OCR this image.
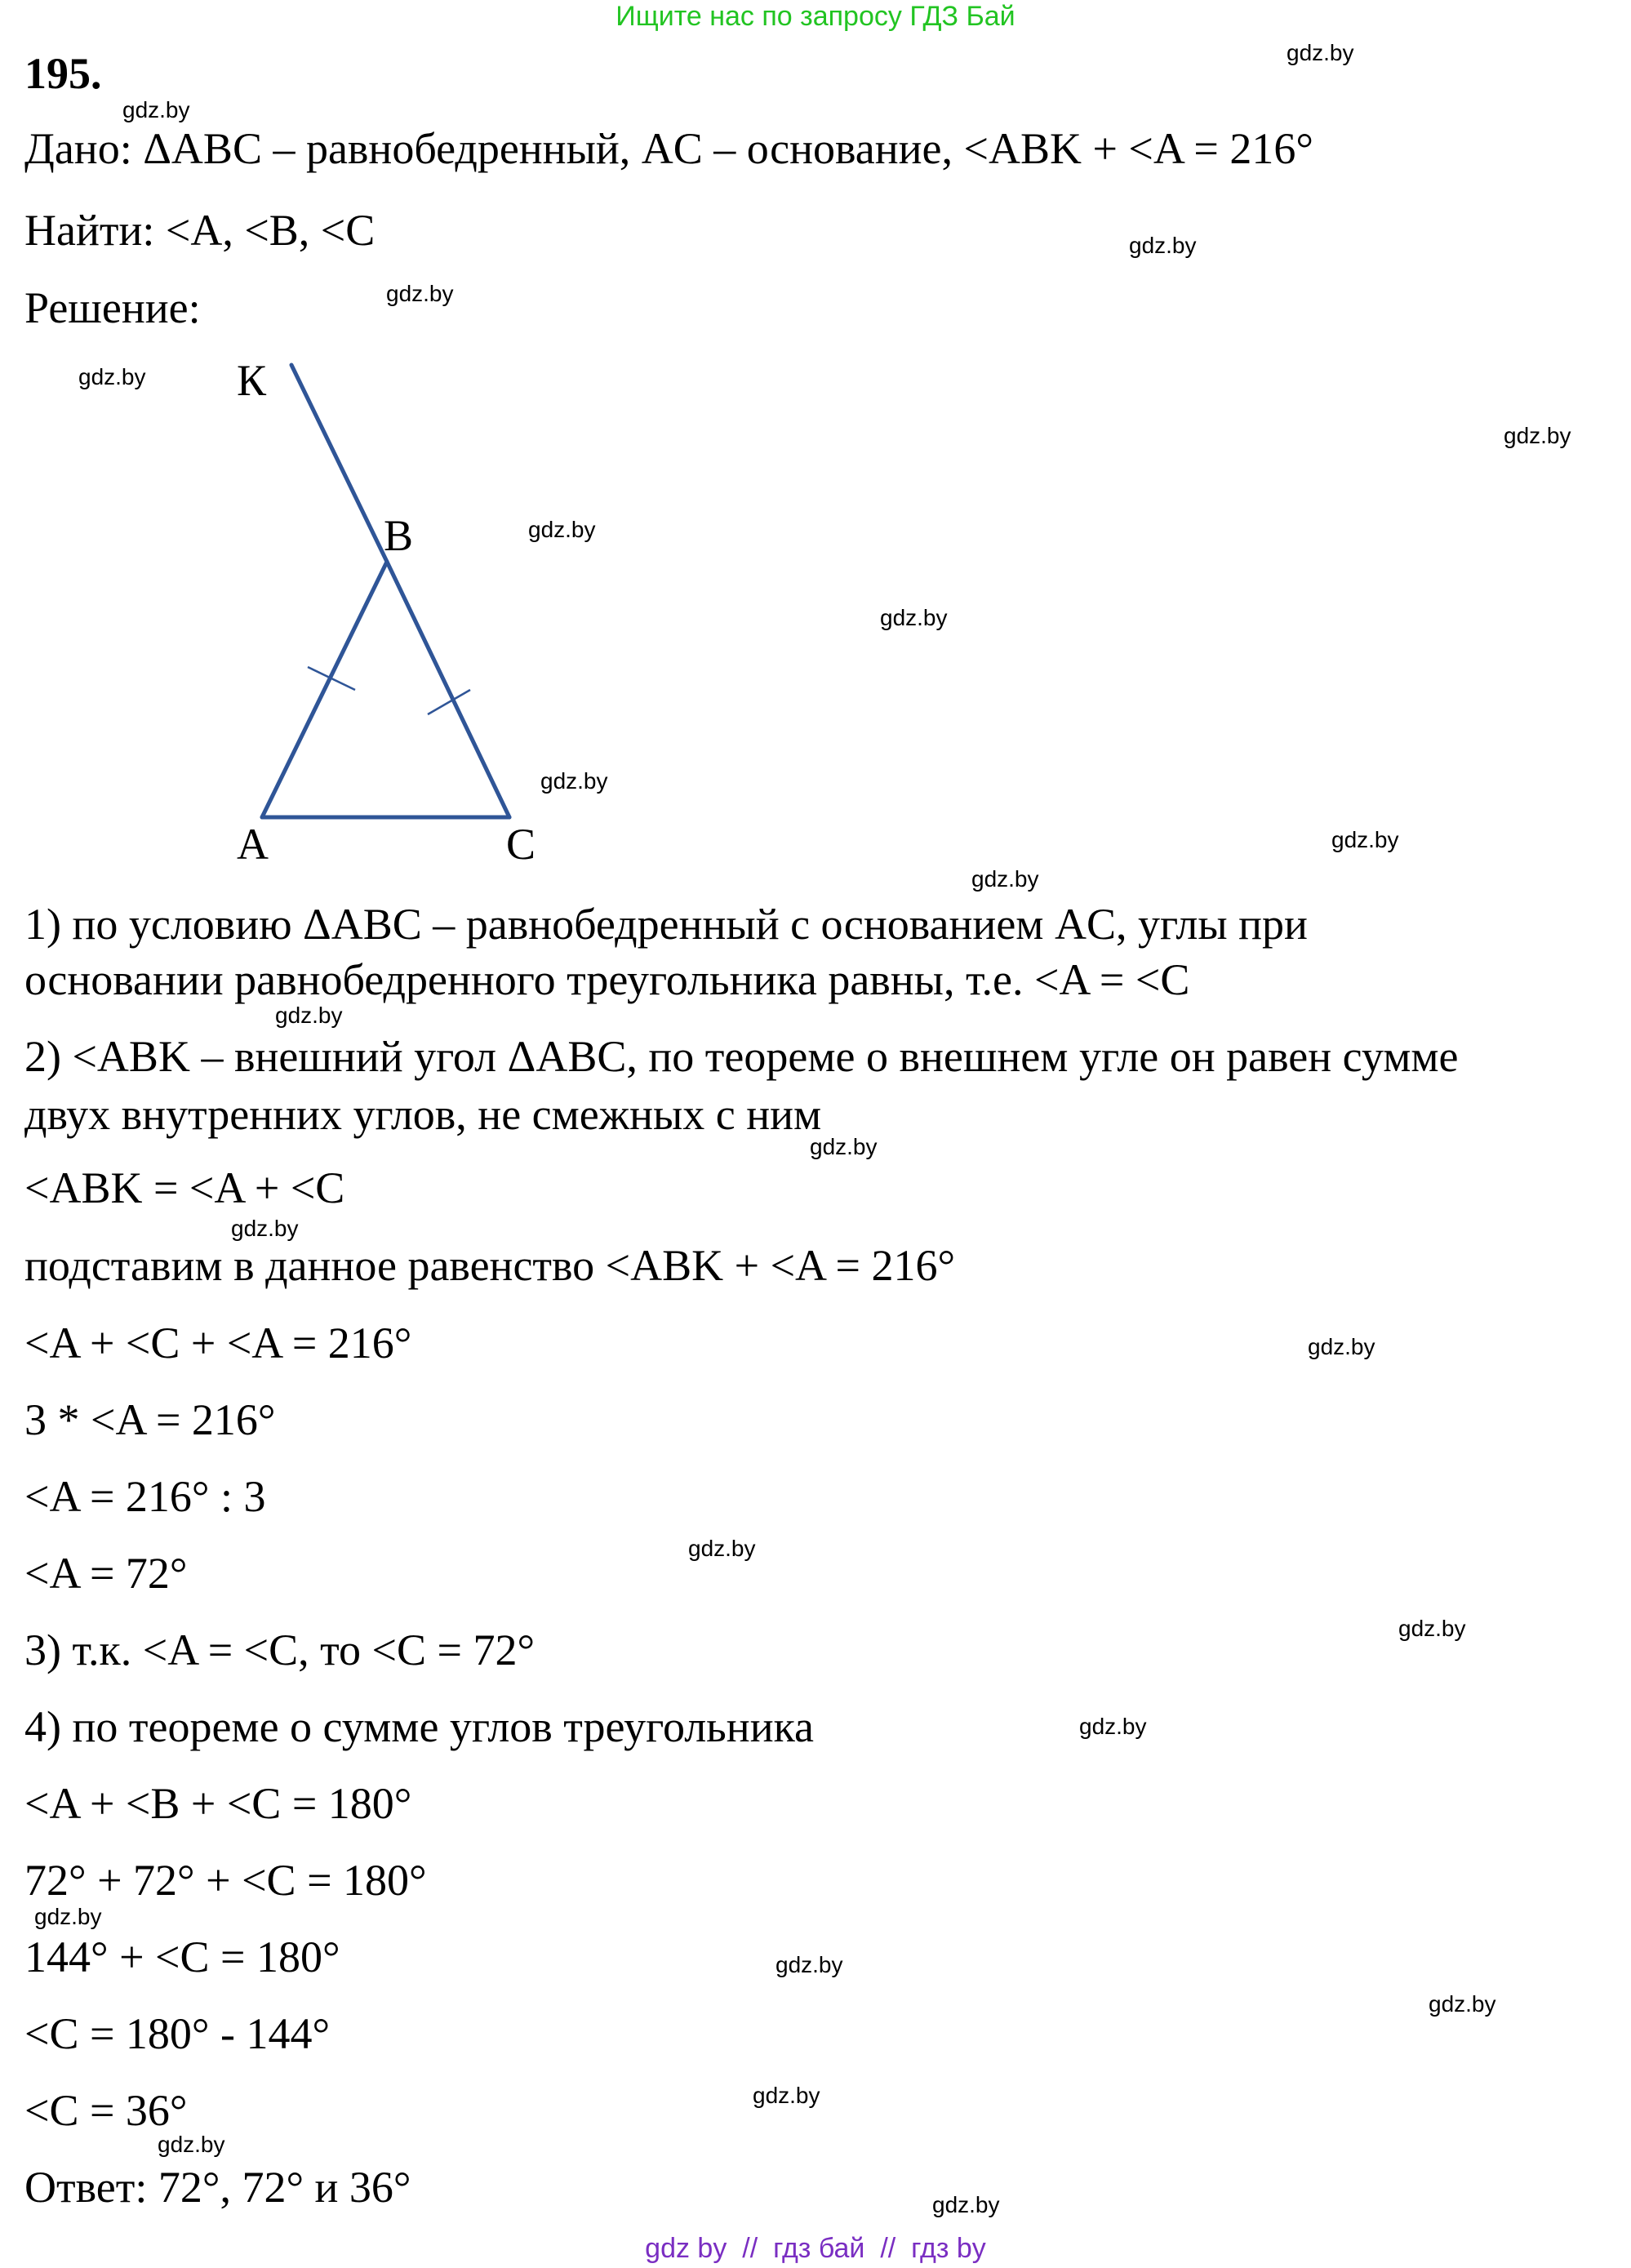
Ищите нас по запросу ГДЗ Бай
195.
Дано: ΔABC – равнобедренный, AC – основание, <ABK + <A = 216°
Найти: <A, <B, <C
Решение:
К
B
A	C
1) по условию ΔABC – равнобедренный с основанием AC, углы при
основании равнобедренного треугольника равны, т.е. <A = <C
2) <ABK – внешний угол ΔABC, по теореме о внешнем угле он равен сумме
двух внутренних углов, не смежных с ним
<ABK = <A + <C
подставим в данное равенство <ABK + <A = 216°
<A + <C + <A = 216°
3 * <A = 216°
<A = 216° : 3
<A = 72°
3) т.к. <A = <C, то <C = 72°
4) по теореме о сумме углов треугольника
<A + <B + <C = 180°
72° + 72° + <C = 180°
144° + <C = 180°
<C = 180° - 144°
<C = 36°
Ответ: 72°, 72° и 36°
gdz.by
gdz.by
gdz.by
gdz.by
gdz.by
gdz.by
gdz.by
gdz.by
gdz.by
gdz.by
gdz.by
gdz.by
gdz.by
gdz.by
gdz.by
gdz.by
gdz.by
gdz.by
gdz.by
gdz.by
gdz.by
gdz.by
gdz.by
gdz.by
gdz by // гдз бай // гдз by
